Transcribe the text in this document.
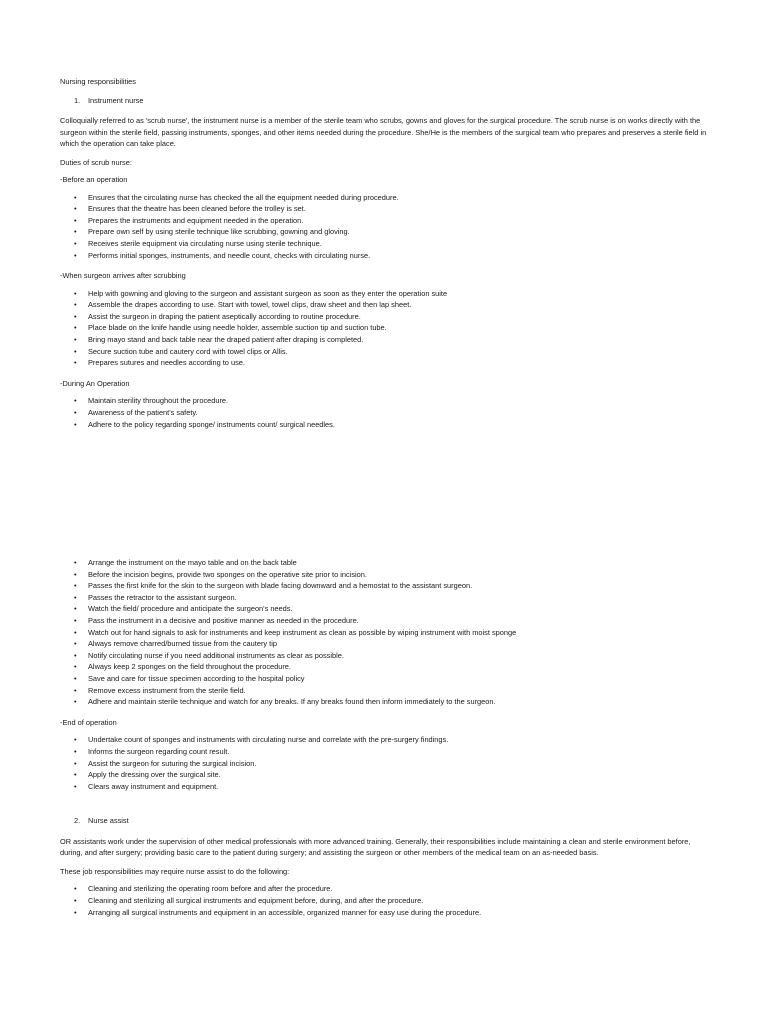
Nursing responsibilities

1.	Instrument nurse

Colloquially referred to as 'scrub nurse', the instrument nurse is a member of the sterile team who scrubs, gowns and gloves for the surgical procedure. The scrub nurse is on works directly with the surgeon within the sterile field, passing instruments, sponges, and other items needed during the procedure. She/He is the members of the surgical team who prepares and preserves a sterile field in which the operation can take place.

Duties of scrub nurse:

-Before an operation

• Ensures that the circulating nurse has checked the all the equipment needed during procedure.
• Ensures that the theatre has been cleaned before the trolley is set.
• Prepares the instruments and equipment needed in the operation.
• Prepare own self by using sterile technique like scrubbing, gowning and gloving.
• Receives sterile equipment via circulating nurse using sterile technique.
• Performs initial sponges, instruments, and needle count, checks with circulating nurse.

-When surgeon arrives after scrubbing

• Help with gowning and gloving to the surgeon and assistant surgeon as soon as they enter the operation suite
• Assemble the drapes according to use. Start with towel, towel clips, draw sheet and then lap sheet.
• Assist the surgeon in draping the patient aseptically according to routine procedure.
• Place blade on the knife handle using needle holder, assemble suction tip and suction tube.
• Bring mayo stand and back table near the draped patient after draping is completed.
• Secure suction tube and cautery cord with towel clips or Allis.
• Prepares sutures and needles according to use.

-During An Operation

• Maintain sterility throughout the procedure.
• Awareness of the patient's safety.
• Adhere to the policy regarding sponge/ instruments count/ surgical needles.
• Arrange the instrument on the mayo table and on the back table
• Before the incision begins, provide two sponges on the operative site prior to incision.
• Passes the first knife for the skin to the surgeon with blade facing downward and a hemostat to the assistant surgeon.
• Passes the retractor to the assistant surgeon.
• Watch the field/ procedure and anticipate the surgeon's needs.
• Pass the instrument in a decisive and positive manner as needed in the procedure.
• Watch out for hand signals to ask for instruments and keep instrument as clean as possible by wiping instrument with moist sponge
• Always remove charred/burned tissue from the cautery tip
• Notify circulating nurse if you need additional instruments as clear as possible.
• Always keep 2 sponges on the field throughout the procedure.
• Save and care for tissue specimen according to the hospital policy
• Remove excess instrument from the sterile field.
• Adhere and maintain sterile technique and watch for any breaks. If any breaks found then inform immediately to the surgeon.

-End of operation

• Undertake count of sponges and instruments with circulating nurse and correlate with the pre-surgery findings.
• Informs the surgeon regarding count result.
• Assist the surgeon for suturing the surgical incision.
• Apply the dressing over the surgical site.
• Clears away instrument and equipment.
2.	Nurse assist

OR assistants work under the supervision of other medical professionals with more advanced training. Generally, their responsibilities include maintaining a clean and sterile environment before, during, and after surgery; providing basic care to the patient during surgery; and assisting the surgeon or other members of the medical team on an as-needed basis.

These job responsibilities may require nurse assist to do the following:

• Cleaning and sterilizing the operating room before and after the procedure.
• Cleaning and sterilizing all surgical instruments and equipment before, during, and after the procedure.
• Arranging all surgical instruments and equipment in an accessible, organized manner for easy use during the procedure.
